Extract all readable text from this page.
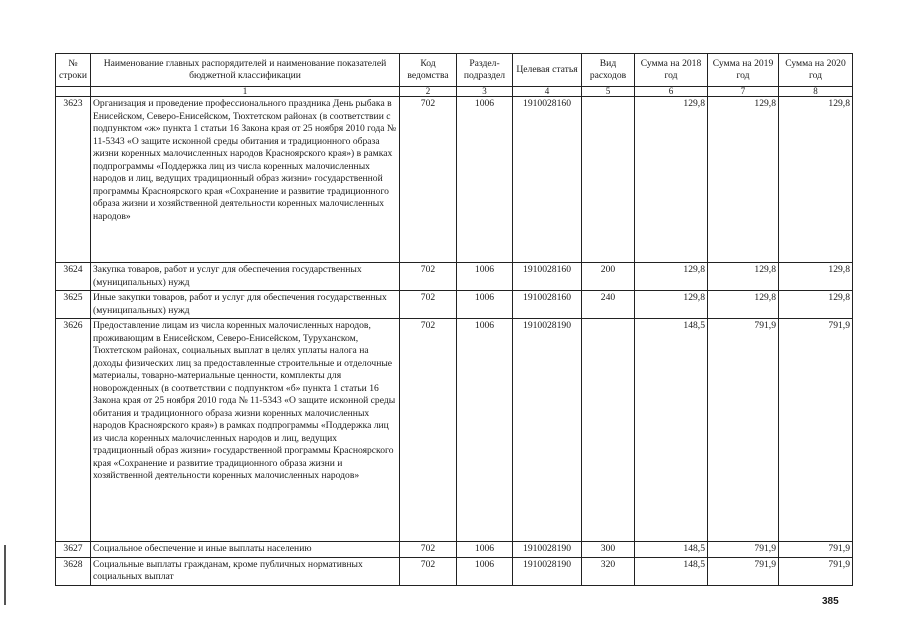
№ строки	Наименование главных распорядителей и наименование показателей бюджетной классификации	Код ведомства	Раздел-подраздел	Целевая статья	Вид расходов	Сумма на 2018 год	Сумма на 2019 год	Сумма на 2020 год
	1	2	3	4	5	6	7	8
3623	Организация и проведение профессионального праздника День рыбака в Енисейском, Северо-Енисейском, Тюхтетском районах (в соответствии с подпунктом «ж» пункта 1 статьи 16 Закона края от 25 ноября 2010 года № 11-5343 «О защите исконной среды обитания и традиционного образа жизни коренных малочисленных народов Красноярского края») в рамках подпрограммы «Поддержка лиц из числа коренных малочисленных народов и лиц, ведущих традиционный образ жизни» государственной программы Красноярского края «Сохранение и развитие традиционного образа жизни и хозяйственной деятельности коренных малочисленных народов»	702	1006	1910028160		129,8	129,8	129,8
3624	Закупка товаров, работ и услуг для обеспечения государственных (муниципальных) нужд	702	1006	1910028160	200	129,8	129,8	129,8
3625	Иные закупки товаров, работ и услуг для обеспечения государственных (муниципальных) нужд	702	1006	1910028160	240	129,8	129,8	129,8
3626	Предоставление лицам из числа коренных малочисленных народов, проживающим в Енисейском, Северо-Енисейском, Туруханском, Тюхтетском районах, социальных выплат в целях уплаты налога на доходы физических лиц за предоставленные строительные и отделочные материалы, товарно-материальные ценности, комплекты для новорожденных (в соответствии с подпунктом «б» пункта 1 статьи 16 Закона края от 25 ноября 2010 года № 11-5343 «О защите исконной среды обитания и традиционного образа жизни коренных малочисленных народов Красноярского края») в рамках подпрограммы «Поддержка лиц из числа коренных малочисленных народов и лиц, ведущих традиционный образ жизни» государственной программы Красноярского края «Сохранение и развитие традиционного образа жизни и хозяйственной деятельности коренных малочисленных народов»	702	1006	1910028190		148,5	791,9	791,9
3627	Социальное обеспечение и иные выплаты населению	702	1006	1910028190	300	148,5	791,9	791,9
3628	Социальные выплаты гражданам, кроме публичных нормативных социальных выплат	702	1006	1910028190	320	148,5	791,9	791,9
385
